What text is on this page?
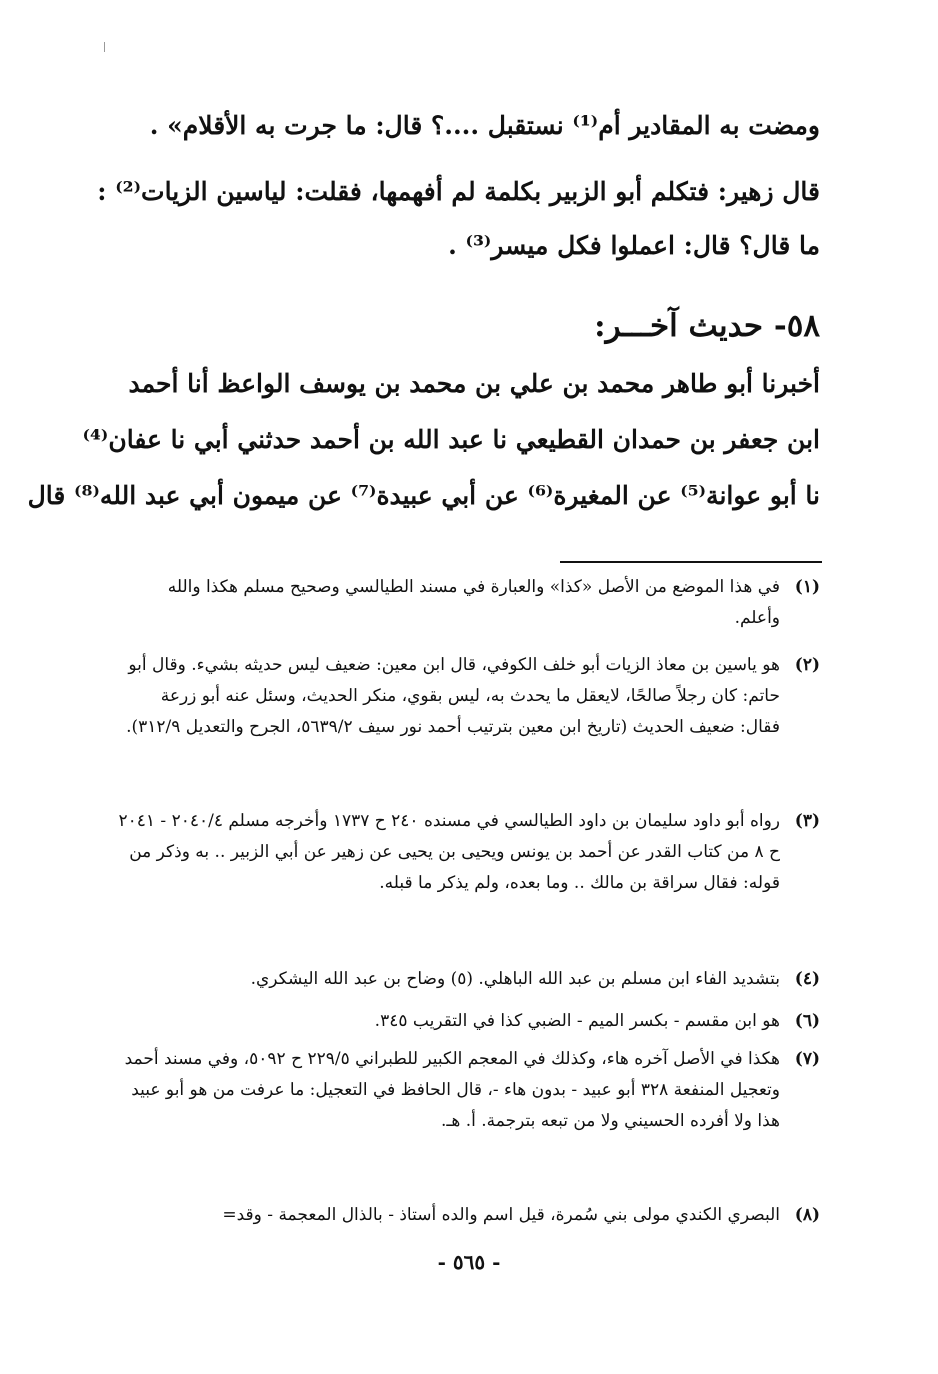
ومضت به المقادير أم⁽¹⁾ نستقبل ....؟ قال: ما جرت به الأقلام» .
قال زهير: فتكلم أبو الزبير بكلمة لم أفهمها، فقلت: لياسين الزيات⁽²⁾ :
ما قال؟ قال: اعملوا فكل ميسر⁽³⁾ .
٥٨- حديث آخـــر:
أخبرنا أبو طاهر محمد بن علي بن محمد بن يوسف الواعظ أنا أحمد
ابن جعفر بن حمدان القطيعي نا عبد الله بن أحمد حدثني أبي نا عفان⁽⁴⁾
نا أبو عوانة⁽⁵⁾ عن المغيرة⁽⁶⁾ عن أبي عبيدة⁽⁷⁾ عن ميمون أبي عبد الله⁽⁸⁾ قال
(١)
في هذا الموضع من الأصل «كذا» والعبارة في مسند الطيالسي وصحيح مسلم هكذا والله وأعلم.
(٢)
هو ياسين بن معاذ الزيات أبو خلف الكوفي، قال ابن معين: ضعيف ليس حديثه بشيء. وقال أبو حاتم: كان رجلاً صالحًا، لايعقل ما يحدث به، ليس بقوي، منكر الحديث، وسئل عنه أبو زرعة فقال: ضعيف الحديث (تاريخ ابن معين بترتيب أحمد نور سيف ٥٦٣٩/٢، الجرح والتعديل ٣١٢/٩).
(٣)
رواه أبو داود سليمان بن داود الطيالسي في مسنده ٢٤٠ ح ١٧٣٧ وأخرجه مسلم ٢٠٤٠/٤ - ٢٠٤١ ح ٨ من كتاب القدر عن أحمد بن يونس ويحيى بن يحيى عن زهير عن أبي الزبير .. به وذكر من قوله: فقال سراقة بن مالك .. وما بعده، ولم يذكر ما قبله.
(٤)
بتشديد الفاء ابن مسلم بن عبد الله الباهلي. (٥) وضاح بن عبد الله اليشكري.
(٦)
هو ابن مقسم - بكسر الميم - الضبي كذا في التقريب ٣٤٥.
(٧)
هكذا في الأصل آخره هاء، وكذلك في المعجم الكبير للطبراني ٢٢٩/٥ ح ٥٠٩٢، وفي مسند أحمد وتعجيل المنفعة ٣٢٨ أبو عبيد - بدون هاء -، قال الحافظ في التعجيل: ما عرفت من هو أبو عبيد هذا ولا أفرده الحسيني ولا من تبعه بترجمة. أ. هـ.
(٨)
البصري الكندي مولى بني سُمرة، قيل اسم والده أستاذ - بالذال المعجمة - وقد=
- ٥٦٥ -
